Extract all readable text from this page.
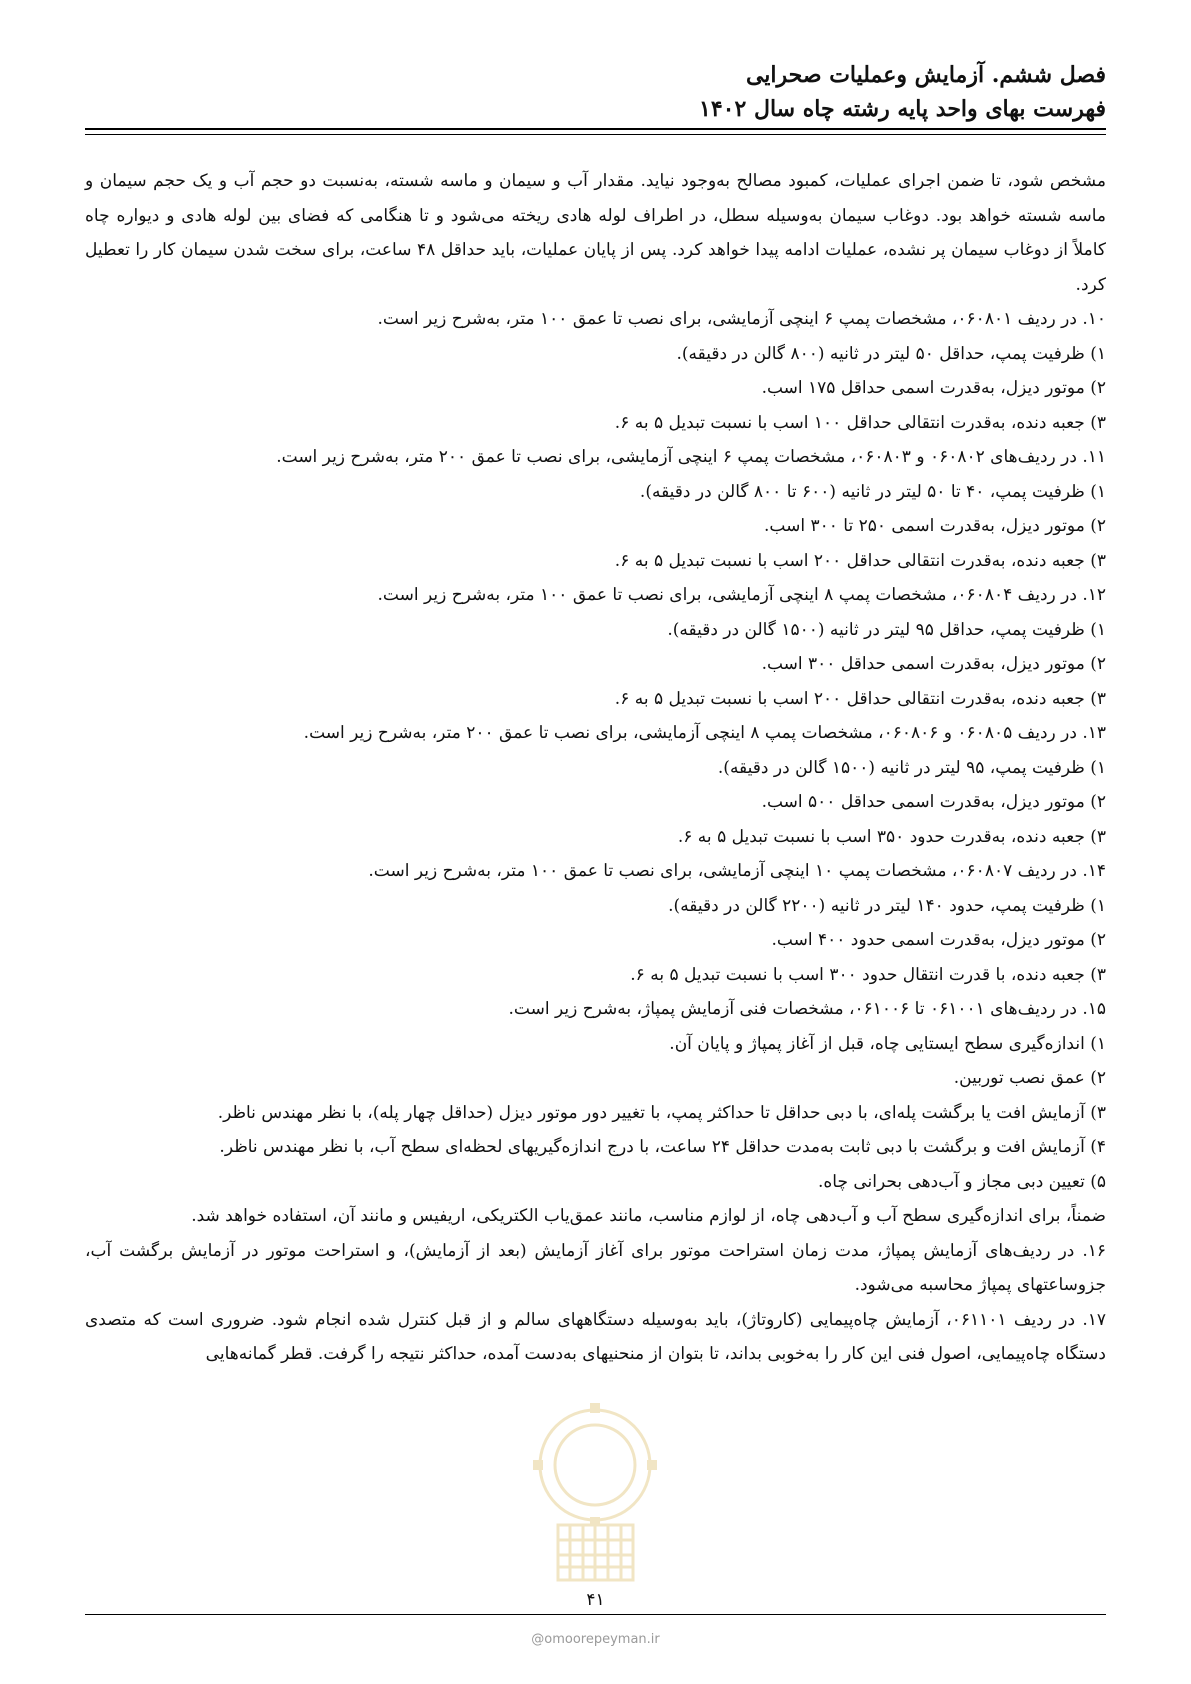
فصل ششم. آزمایش وعملیات صحرایی
فهرست بهای واحد پایه رشته چاه سال ۱۴۰۲

مشخص شود، تا ضمن اجرای عملیات، کمبود مصالح به‌وجود نیاید. مقدار آب و سیمان و ماسه شسته، به‌نسبت دو حجم آب و یک حجم سیمان و ماسه شسته خواهد بود. دوغاب سیمان به‌وسیله سطل، در اطراف لوله هادی ریخته می‌شود و تا هنگامی که فضای بین لوله هادی و دیواره چاه کاملاً از دوغاب سیمان پر نشده، عملیات ادامه پیدا خواهد کرد. پس از پایان عملیات، باید حداقل ۴۸ ساعت، برای سخت شدن سیمان کار را تعطیل کرد.

۱۰. در ردیف ۰۶۰۸۰۱، مشخصات پمپ ۶ اینچی آزمایشی، برای نصب تا عمق ۱۰۰ متر، به‌شرح زیر است.

۱) ظرفیت پمپ، حداقل ۵۰ لیتر در ثانیه (۸۰۰ گالن در دقیقه).

۲) موتور دیزل، به‌قدرت اسمی حداقل ۱۷۵ اسب.

۳) جعبه دنده، به‌قدرت انتقالی حداقل ۱۰۰ اسب با نسبت تبدیل ۵ به ۶.

۱۱. در ردیف‌های ۰۶۰۸۰۲ و ۰۶۰۸۰۳، مشخصات پمپ ۶ اینچی آزمایشی، برای نصب تا عمق ۲۰۰ متر، به‌شرح زیر است.

۱) ظرفیت پمپ، ۴۰ تا ۵۰ لیتر در ثانیه (۶۰۰ تا ۸۰۰ گالن در دقیقه).

۲) موتور دیزل، به‌قدرت اسمی ۲۵۰ تا ۳۰۰ اسب.

۳) جعبه دنده، به‌قدرت انتقالی حداقل ۲۰۰ اسب با نسبت تبدیل ۵ به ۶.

۱۲. در ردیف ۰۶۰۸۰۴، مشخصات پمپ ۸ اینچی آزمایشی، برای نصب تا عمق ۱۰۰ متر، به‌شرح زیر است.

۱) ظرفیت پمپ، حداقل ۹۵ لیتر در ثانیه (۱۵۰۰ گالن در دقیقه).

۲) موتور دیزل، به‌قدرت اسمی حداقل ۳۰۰ اسب.

۳) جعبه دنده، به‌قدرت انتقالی حداقل ۲۰۰ اسب با نسبت تبدیل ۵ به ۶.

۱۳. در ردیف ۰۶۰۸۰۵ و ۰۶۰۸۰۶، مشخصات پمپ ۸ اینچی آزمایشی، برای نصب تا عمق ۲۰۰ متر، به‌شرح زیر است.

۱) ظرفیت پمپ، ۹۵ لیتر در ثانیه (۱۵۰۰ گالن در دقیقه).

۲) موتور دیزل، به‌قدرت اسمی حداقل ۵۰۰ اسب.

۳) جعبه دنده، به‌قدرت حدود ۳۵۰ اسب با نسبت تبدیل ۵ به ۶.

۱۴. در ردیف ۰۶۰۸۰۷، مشخصات پمپ ۱۰ اینچی آزمایشی، برای نصب تا عمق ۱۰۰ متر، به‌شرح زیر است.

۱) ظرفیت پمپ، حدود ۱۴۰ لیتر در ثانیه (۲۲۰۰ گالن در دقیقه).

۲) موتور دیزل، به‌قدرت اسمی حدود ۴۰۰ اسب.

۳) جعبه دنده، با قدرت انتقال حدود ۳۰۰ اسب با نسبت تبدیل ۵ به ۶.

۱۵. در ردیف‌های ۰۶۱۰۰۱ تا ۰۶۱۰۰۶، مشخصات فنی آزمایش پمپاژ، به‌شرح زیر است.

۱) اندازه‌گیری سطح ایستایی چاه، قبل از آغاز پمپاژ و پایان آن.

۲) عمق نصب توربین.

۳) آزمایش افت یا برگشت پله‌ای، با دبی حداقل تا حداکثر پمپ، با تغییر دور موتور دیزل (حداقل چهار پله)، با نظر مهندس ناظر.

۴) آزمایش افت و برگشت با دبی ثابت به‌مدت حداقل ۲۴ ساعت، با درج اندازه‌گیریهای لحظه‌ای سطح آب، با نظر مهندس ناظر.

۵) تعیین دبی مجاز و آب‌دهی بحرانی چاه.

ضمناً، برای اندازه‌گیری سطح آب و آب‌دهی چاه، از لوازم مناسب، مانند عمق‌یاب الکتریکی، اریفیس و مانند آن، استفاده خواهد شد.

۱۶. در ردیف‌های آزمایش پمپاژ، مدت زمان استراحت موتور برای آغاز آزمایش (بعد از آزمایش)، و استراحت موتور در آزمایش برگشت آب، جزوساعتهای پمپاژ محاسبه می‌شود.

۱۷. در ردیف ۰۶۱۱۰۱، آزمایش چاه‌پیمایی (کاروتاژ)، باید به‌وسیله دستگاههای سالم و از قبل کنترل شده انجام شود. ضروری است که متصدی دستگاه چاه‌پیمایی، اصول فنی این کار را به‌خوبی بداند، تا بتوان از منحنیهای به‌دست آمده، حداکثر نتیجه را گرفت. قطر گمانه‌هایی

۴۱
@omoorepeyman.ir
